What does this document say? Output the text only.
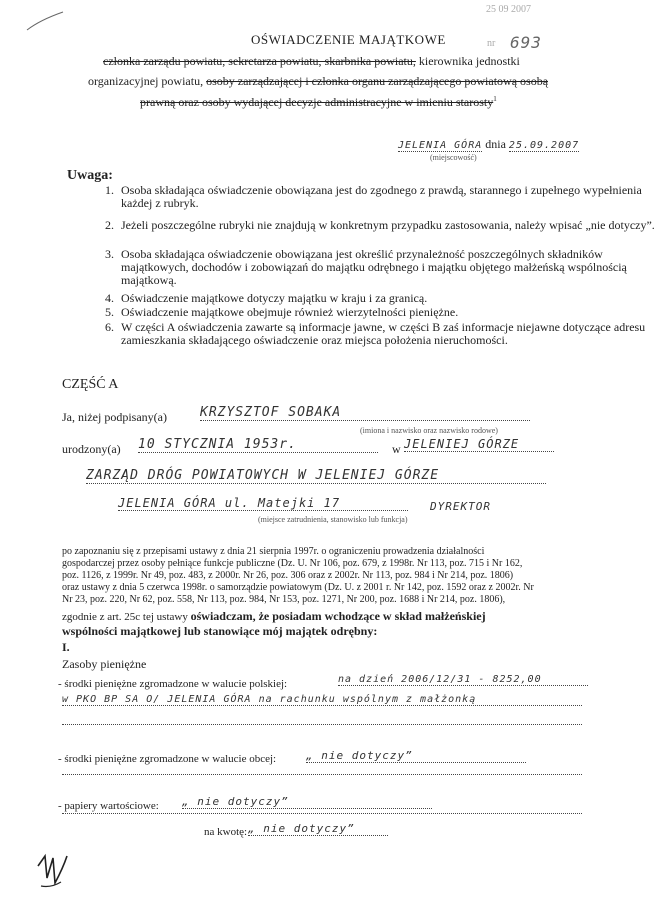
25 09 2007
nr 693
OŚWIADCZENIE MAJĄTKOWE
członka zarządu powiatu, sekretarza powiatu, skarbnika powiatu, kierownika jednostki
organizacyjnej powiatu, osoby zarządzającej i członka organu zarządzającego powiatową osobą
prawną oraz osoby wydającej decyzje administracyjne w imieniu starosty$^1$
JELENIA GÓRA dnia 25.09.2007
(miejscowość)
Uwaga:
1. Osoba składająca oświadczenie obowiązana jest do zgodnego z prawdą, starannego i zupełnego wypełnienia każdej z rubryk.
2. Jeżeli poszczególne rubryki nie znajdują w konkretnym przypadku zastosowania, należy wpisać „nie dotyczy”.
3. Osoba składająca oświadczenie obowiązana jest określić przynależność poszczególnych składników majątkowych, dochodów i zobowiązań do majątku odrębnego i majątku objętego małżeńską wspólnością majątkową.
4. Oświadczenie majątkowe dotyczy majątku w kraju i za granicą.
5. Oświadczenie majątkowe obejmuje również wierzytelności pieniężne.
6. W części A oświadczenia zawarte są informacje jawne, w części B zaś informacje niejawne dotyczące adresu zamieszkania składającego oświadczenie oraz miejsca położenia nieruchomości.
CZĘŚĆ A
Ja, niżej podpisany(a)	KRZYSZTOF SOBAKA
(imiona i nazwisko oraz nazwisko rodowe)
urodzony(a) 10 STYCZNIA 1953r.	w JELENIEJ GÓRZE
ZARZĄD DRÓG POWIATOWYCH W JELENIEJ GÓRZE
JELENIA GÓRA ul. Matejki 17	DYREKTOR
(miejsce zatrudnienia, stanowisko lub funkcja)
po zapoznaniu się z przepisami ustawy z dnia 21 sierpnia 1997r. o ograniczeniu prowadzenia działalności
gospodarczej przez osoby pełniące funkcje publiczne (Dz. U. Nr 106, poz. 679, z 1998r. Nr 113, poz. 715 i Nr 162,
poz. 1126, z 1999r. Nr 49, poz. 483, z 2000r. Nr 26, poz. 306 oraz z 2002r. Nr 113, poz. 984 i Nr 214, poz. 1806)
oraz ustawy z dnia 5 czerwca 1998r. o samorządzie powiatowym (Dz. U. z 2001 r. Nr 142, poz. 1592 oraz z 2002r. Nr
Nr 23, poz. 220, Nr 62, poz. 558, Nr 113, poz. 984, Nr 153, poz. 1271, Nr 200, poz. 1688 i Nr 214, poz. 1806),
zgodnie z art. 25c tej ustawy oświadczam, że posiadam wchodzące w skład małżeńskiej
wspólności majątkowej lub stanowiące mój majątek odrębny:
I.
Zasoby pieniężne
- środki pieniężne zgromadzone w walucie polskiej:	na dzień 2006/12/31 - 8252,00
w PKO BP SA O/ JELENIA GÓRA na rachunku wspólnym z małżonką
- środki pieniężne zgromadzone w walucie obcej:	„ nie dotyczy”
- papiery wartościowe: „ nie dotyczy”
na kwotę: „ nie dotyczy”
